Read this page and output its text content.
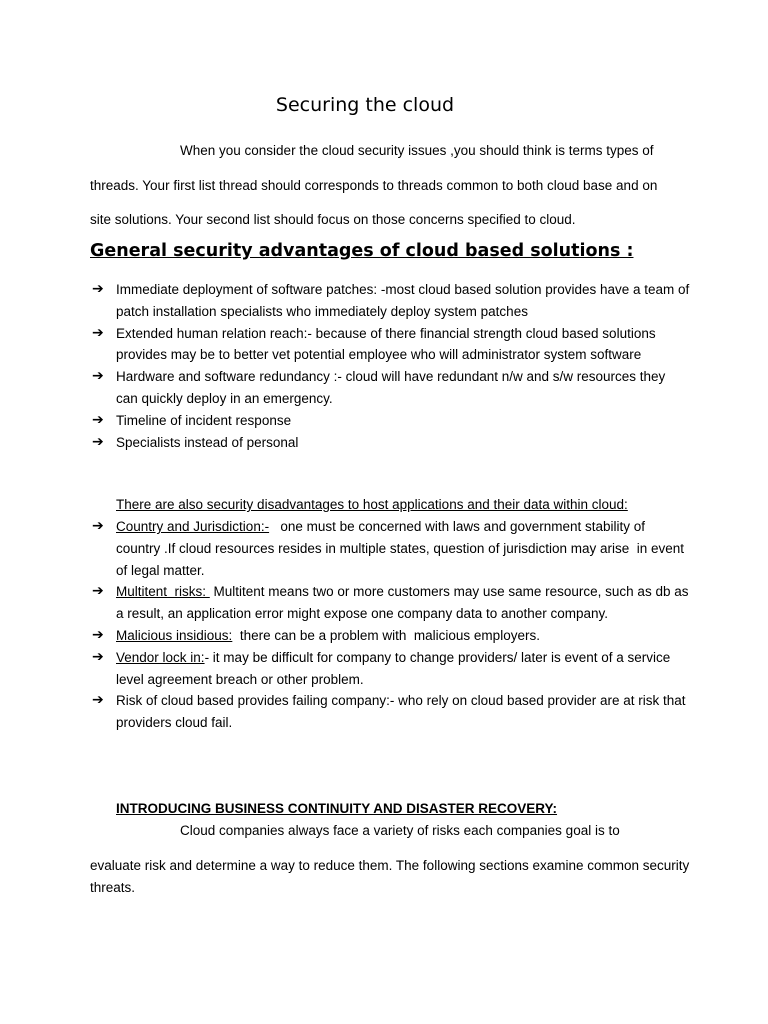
Securing the cloud

When you consider the cloud security issues ,you should think is terms types of
threads. Your first list thread should corresponds to threads common to both cloud base and on
site solutions. Your second list should focus on those concerns specified to cloud.

General security advantages of cloud based solutions :

➔ Immediate deployment of software patches: -most cloud based solution provides have a team of patch installation specialists who immediately deploy system patches
➔ Extended human relation reach:- because of there financial strength cloud based solutions provides may be to better vet potential employee who will administrator system software
➔ Hardware and software redundancy :- cloud will have redundant n/w and s/w resources they can quickly deploy in an emergency.
➔ Timeline of incident response
➔ Specialists instead of personal

There are also security disadvantages to host applications and their data within cloud:

➔ Country and Jurisdiction:-   one must be concerned with laws and government stability of country .If cloud resources resides in multiple states, question of jurisdiction may arise  in event of legal matter.
➔ Multitent  risks:  Multitent means two or more customers may use same resource, such as db as a result, an application error might expose one company data to another company.
➔ Malicious insidious:  there can be a problem with  malicious employers.
➔ Vendor lock in:- it may be difficult for company to change providers/ later is event of a service level agreement breach or other problem.
➔ Risk of cloud based provides failing company:- who rely on cloud based provider are at risk that providers cloud fail.

INTRODUCING BUSINESS CONTINUITY AND DISASTER RECOVERY:

Cloud companies always face a variety of risks each companies goal is to

evaluate risk and determine a way to reduce them. The following sections examine common security threats.
